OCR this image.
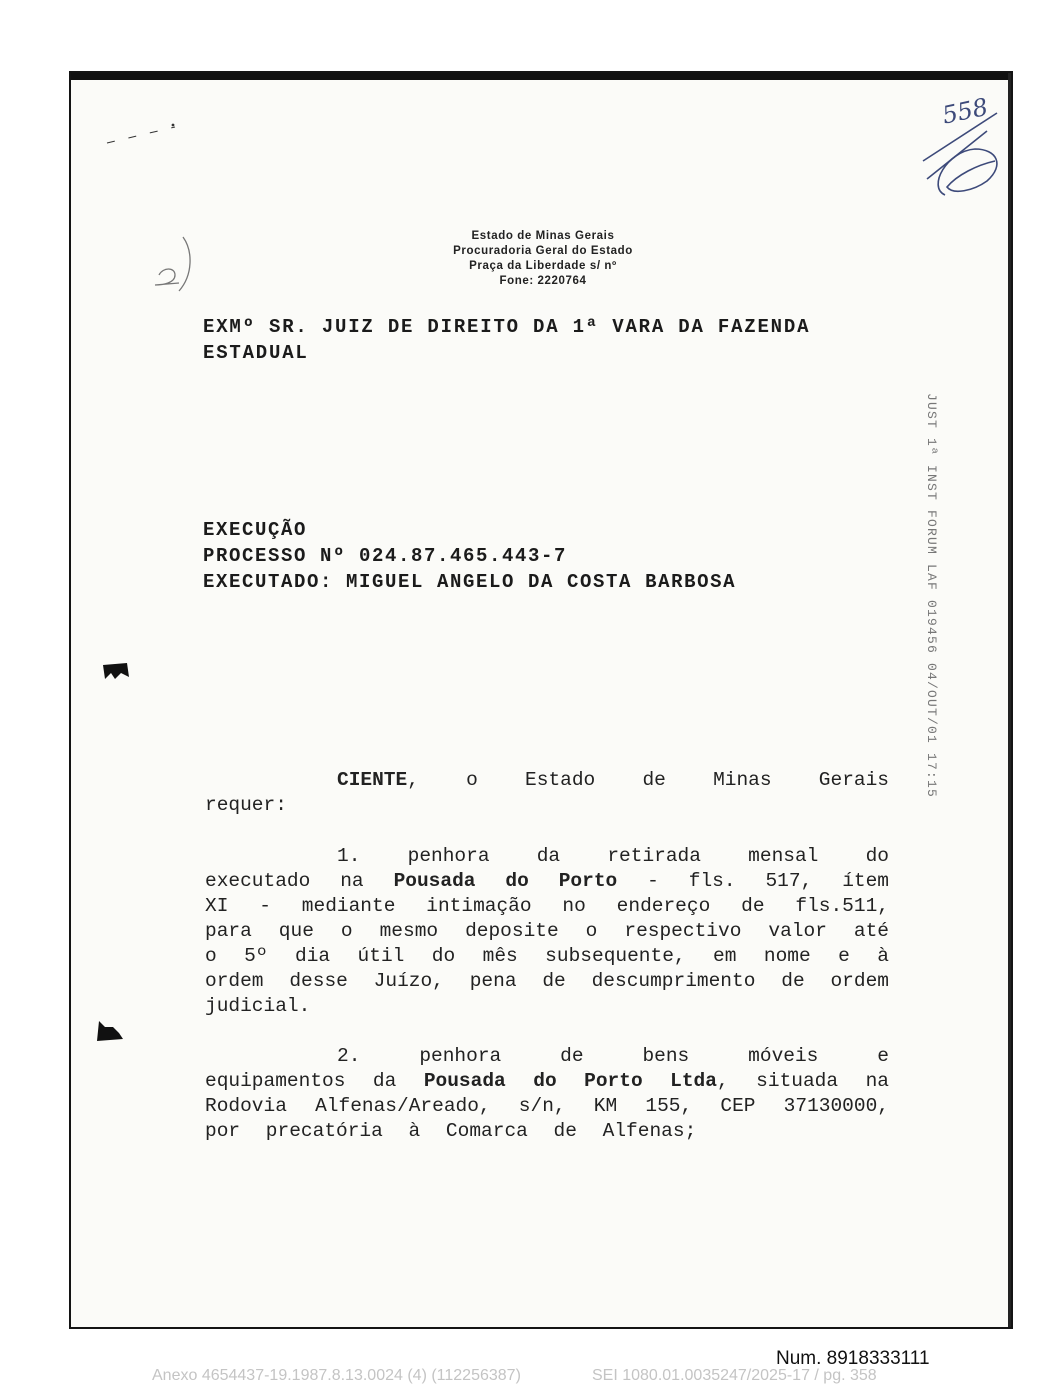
558
Estado de Minas Gerais
Procuradoria Geral do Estado
Praça da Liberdade s/ nº
Fone: 2220764
EXMº SR. JUIZ DE DIREITO DA 1ª VARA DA FAZENDA
ESTADUAL
EXECUÇÃO
PROCESSO Nº 024.87.465.443-7
EXECUTADO: MIGUEL ANGELO DA COSTA BARBOSA	JUST 1ª INST FORUM LAF 019456 04/OUT/01 17:15
CIENTE, o Estado de Minas Gerais requer:
1. penhora da retirada mensal do executado na Pousada do Porto - fls. 517, ítem XI - mediante intimação no endereço de fls.511, para que o mesmo deposite o respectivo valor até o 5º dia útil do mês subsequente, em nome e à ordem desse Juízo, pena de descumprimento de ordem judicial.
2. penhora de bens móveis e equipamentos da Pousada do Porto Ltda, situada na Rodovia Alfenas/Areado, s/n, KM 155, CEP 37130000, por precatória à Comarca de Alfenas;
Num. 8918333111
Anexo 4654437-19.1987.8.13.0024 (4) (112256387)	SEI 1080.01.0035247/2025-17 / pg. 358
